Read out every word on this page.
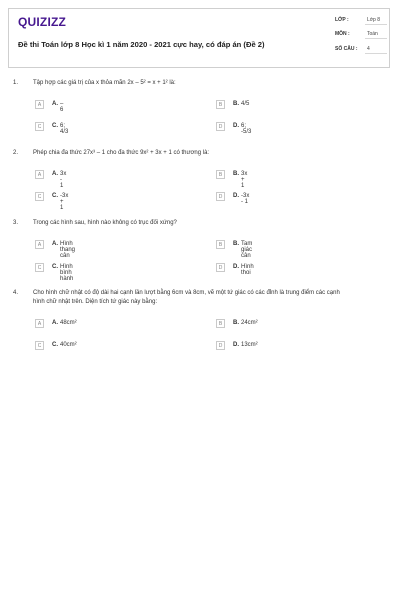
QUIZIZZ
Đề thi Toán lớp 8 Học kì 1 năm 2020 - 2021 cực hay, có đáp án (Đề 2)
LỚP :	Lớp 8
MÔN :	Toán
SỐ CÂU : 4
1. Tập hợp các giá trị của x thỏa mãn 2x – 5² = x + 1² là:
A	A. –6
B	B. 4/5
C	C. 6; 4/3
D	D. 6; -5/3
2. Phép chia đa thức 27x³ – 1 cho đa thức 9x² + 3x + 1 có thương là:
A	A. 3x - 1
B	B. 3x + 1
C	C. -3x + 1
D	D. -3x - 1
3. Trong các hình sau, hình nào không có trục đối xứng?
A	A. Hình thang cân
B	B. Tam giác cân
C	C. Hình bình hành
D	D. Hình thoi
4. Cho hình chữ nhật có độ dài hai cạnh lần lượt bằng 6cm và 8cm, vẽ một tứ giác có các đỉnh là trung điểm các cạnh
hình chữ nhật trên. Diện tích tứ giác này bằng:
A	A. 48cm²	B	B. 24cm²
C	C. 40cm²	D	D. 13cm²
